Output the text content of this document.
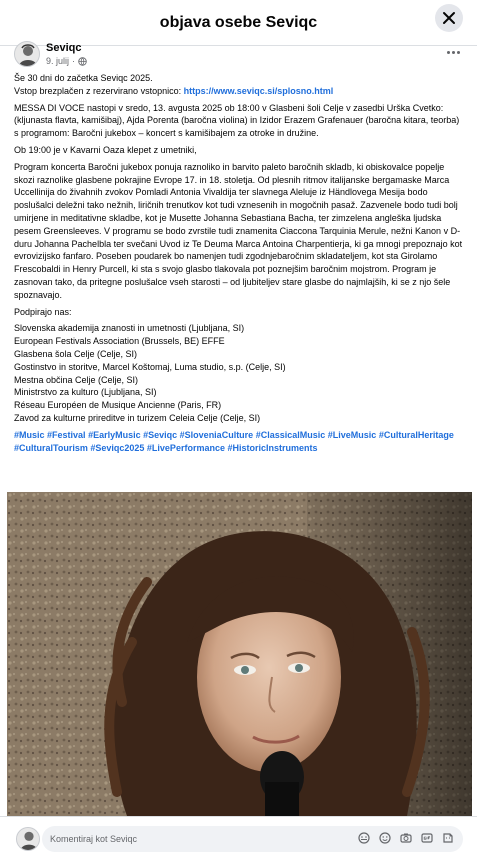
objava osebe Seviqc
Seviqc
9. julij ·

Še 30 dni do začetka Seviqc 2025.
Vstop brezplačen z rezervirano vstopnico: https://www.seviqc.si/splosno.html

MESSA DI VOCE nastopi v sredo, 13. avgusta 2025 ob 18:00 v Glasbeni šoli Celje v zasedbi Urška Cvetko: (kljunasta flavta, kamišibaj), Ajda Porenta (baročna violina) in Izidor Erazem Grafenauer (baročna kitara, teorba) s programom: Baročni jukebox – koncert s kamišibajem za otroke in družine.

Ob 19:00 je v Kavarni Oaza klepet z umetniki,

Program koncerta Baročni jukebox ponuja raznoliko in barvito paleto baročnih skladb, ki obiskovalce popelje skozi raznolike glasbene pokrajine Evrope 17. in 18. stoletja. Od plesnih ritmov italijanske bergamaske Marca Uccellinija do živahnih zvokov Pomladi Antonia Vivaldija ter slavnega Aleluje iz Händlovega Mesija bodo poslušalci deležni tako nežnih, liričnih trenutkov kot tudi vznesenih in mogočnih pasaž. Zazvenele bodo tudi bolj umirjene in meditativne skladbe, kot je Musette Johanna Sebastiana Bacha, ter zimzelena angleška ljudska pesem Greensleeves. V programu se bodo zvrstile tudi znamenita Ciaccona Tarquinia Merule, nežni Kanon v D-duru Johanna Pachelbla ter svečani Uvod iz Te Deuma Marca Antoina Charpentierja, ki ga mnogi prepoznajo kot evrovizijsko fanfaro. Poseben poudarek bo namenjen tudi zgodnjebaročnim skladateljem, kot sta Girolamo Frescobaldi in Henry Purcell, ki sta s svojo glasbo tlakovala pot poznejšim baročnim mojstrom. Program je zasnovan tako, da pritegne poslušalce vseh starosti – od ljubiteljev stare glasbe do najmlajših, ki se z njo šele spoznavajo.

Podpirajo nas:

Slovenska akademija znanosti in umetnosti (Ljubljana, SI)
European Festivals Association (Brussels, BE) EFFE
Glasbena šola Celje (Celje, SI)
Gostinstvo in storitve, Marcel Koštomaj, Luma studio, s.p. (Celje, SI)
Mestna občina Celje (Celje, SI)
Ministrstvo za kulturo (Ljubljana, SI)
Réseau Européen de Musique Ancienne (Paris, FR)
Zavod za kulturne prireditve in turizem Celeia Celje (Celje, SI)

#Music #Festival #EarlyMusic #Seviqc #SloveniaCulture #ClassicalMusic #LiveMusic #CulturalHeritage #CulturalTourism #Seviqc2025 #LivePerformance #HistoricInstruments

Komentiraj kot Seviqc
